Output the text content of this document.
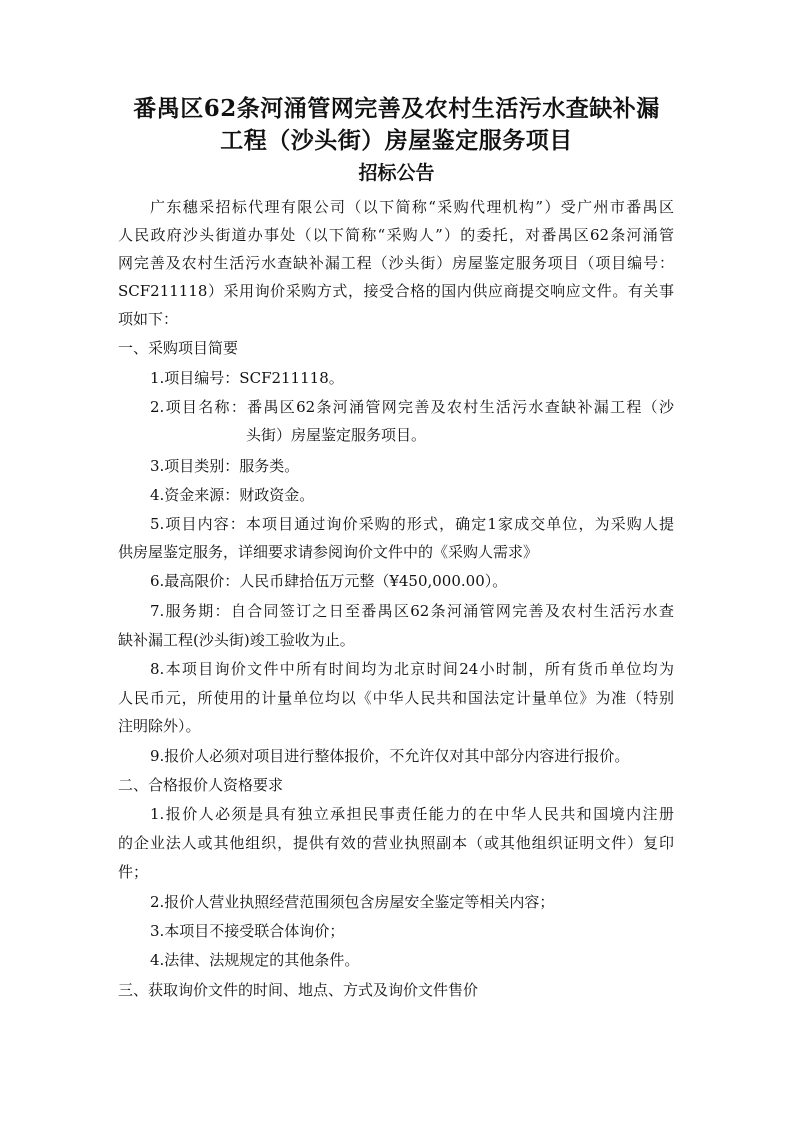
番禺区62条河涌管网完善及农村生活污水查缺补漏
工程（沙头街）房屋鉴定服务项目
招标公告
广东穗采招标代理有限公司（以下简称“采购代理机构”）受广州市番禺区
人民政府沙头街道办事处（以下简称“采购人”）的委托，对番禺区62条河涌管
网完善及农村生活污水查缺补漏工程（沙头街）房屋鉴定服务项目（项目编号：
SCF211118）采用询价采购方式，接受合格的国内供应商提交响应文件。有关事
项如下：
一、采购项目简要
1.项目编号：SCF211118。
2.项目名称：番禺区62条河涌管网完善及农村生活污水查缺补漏工程（沙
头街）房屋鉴定服务项目。
3.项目类别：服务类。
4.资金来源：财政资金。
5.项目内容：本项目通过询价采购的形式，确定1家成交单位，为采购人提
供房屋鉴定服务，详细要求请参阅询价文件中的《采购人需求》
6.最高限价：人民币肆拾伍万元整（¥450,000.00）。
7.服务期：自合同签订之日至番禺区62条河涌管网完善及农村生活污水查
缺补漏工程(沙头街)竣工验收为止。
8.本项目询价文件中所有时间均为北京时间24小时制，所有货币单位均为
人民币元，所使用的计量单位均以《中华人民共和国法定计量单位》为准（特别
注明除外）。
9.报价人必须对项目进行整体报价，不允许仅对其中部分内容进行报价。
二、合格报价人资格要求
1.报价人必须是具有独立承担民事责任能力的在中华人民共和国境内注册
的企业法人或其他组织，提供有效的营业执照副本（或其他组织证明文件）复印
件；
2.报价人营业执照经营范围须包含房屋安全鉴定等相关内容；
3.本项目不接受联合体询价；
4.法律、法规规定的其他条件。
三、获取询价文件的时间、地点、方式及询价文件售价
